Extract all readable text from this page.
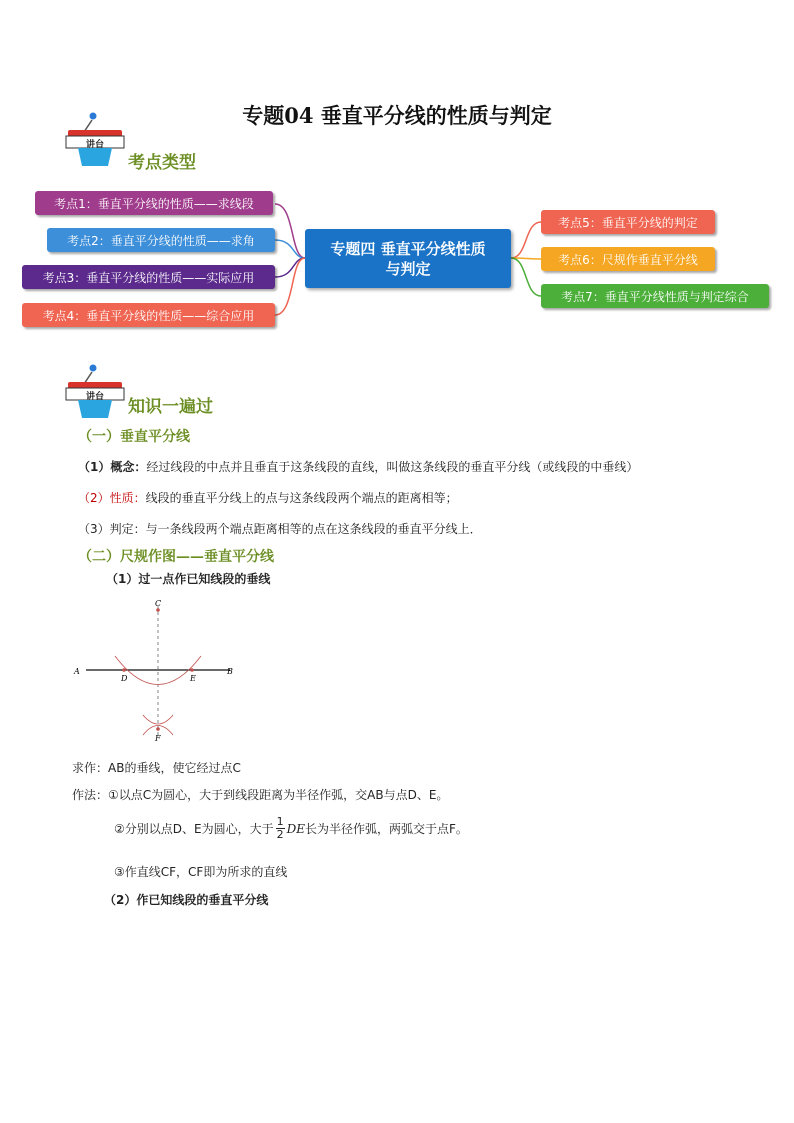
专题04 垂直平分线的性质与判定
讲台
考点类型
考点1：垂直平分线的性质——求线段
考点2：垂直平分线的性质——求角
考点3：垂直平分线的性质——实际应用
考点4：垂直平分线的性质——综合应用
专题四 垂直平分线性质
与判定
考点5：垂直平分线的判定
考点6：尺规作垂直平分线
考点7：垂直平分线性质与判定综合
讲台	知识一遍过
（一）垂直平分线
（1）概念：经过线段的中点并且垂直于这条线段的直线，叫做这条线段的垂直平分线（或线段的中垂线）
（2）性质：线段的垂直平分线上的点与这条线段两个端点的距离相等；
（3）判定：与一条线段两个端点距离相等的点在这条线段的垂直平分线上．
（二）尺规作图——垂直平分线
（1）过一点作已知线段的垂线
A	B
C
D	E
F
求作：AB的垂线，使它经过点C
作法：①以点C为圆心，大于到线段距离为半径作弧，交AB与点D、E。
②分别以点D、E为圆心，大于 $\frac{1}{2}$ DE 长为半径作弧，两弧交于点F。
③作直线CF，CF即为所求的直线
（2）作已知线段的垂直平分线
